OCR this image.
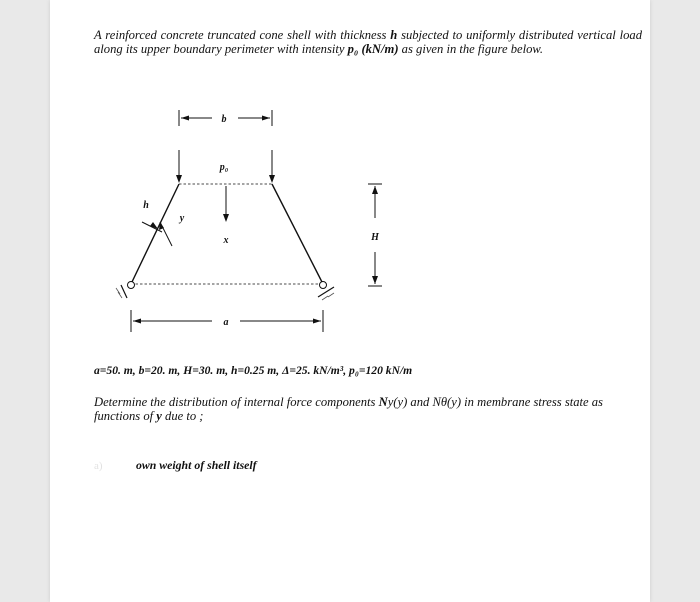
A reinforced concrete truncated cone shell with thickness h subjected to uniformly distributed vertical load along its upper boundary perimeter with intensity p₀ (kN/m) as given in the figure below.
b
p₀
x
h
y
H
a
a=50. m, b=20. m, H=30. m, h=0.25 m, Δ=25. kN/m³, p₀=120 kN/m
Determine the distribution of internal force components Ny(y) and Nθ(y) in membrane stress state as functions of y due to ;
a)	own weight of shell itself
